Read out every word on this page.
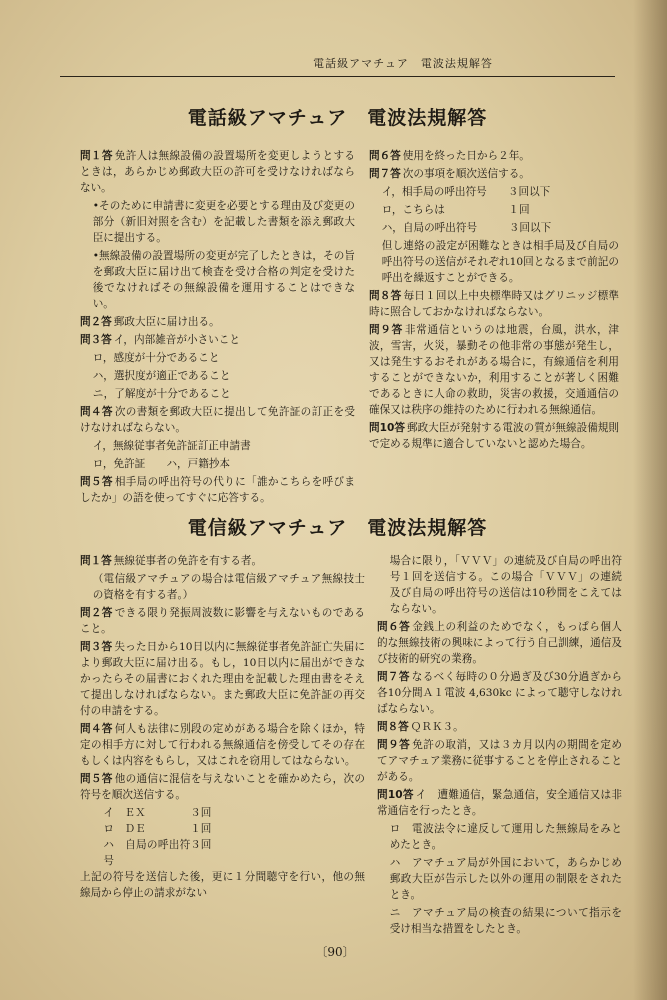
電話級アマチュア　電波法規解答
電話級アマチュア　電波法規解答

問１答 免許人は無線設備の設置場所を変更しようとするときは，あらかじめ郵政大臣の許可を受けなければならない。

•そのために申請書に変更を必要とする理由及び変更の部分（新旧対照を含む）を記載した書類を添え郵政大臣に提出する。

•無線設備の設置場所の変更が完了したときは，その旨を郵政大臣に届け出て検査を受け合格の判定を受けた後でなければその無線設備を運用することはできない。

問２答 郵政大臣に届け出る。

問３答 イ，内部雑音が小さいこと

ロ，感度が十分であること

ハ，選択度が適正であること

ニ，了解度が十分であること

問４答 次の書類を郵政大臣に提出して免許証の訂正を受けなければならない。

イ，無線従事者免許証訂正申請書

ロ，免許証　　ハ，戸籍抄本

問５答 相手局の呼出符号の代りに「誰かこちらを呼びましたか」の語を使ってすぐに応答する。

問６答 使用を終った日から２年。

問７答 次の事項を順次送信する。

イ，相手局の呼出符号　　３回以下

ロ，こちらは　　　　　　１回

ハ，自局の呼出符号　　　３回以下

但し連絡の設定が困難なときは相手局及び自局の呼出符号の送信がそれぞれ10回となるまで前記の呼出を繰返すことができる。

問８答 毎日１回以上中央標準時又はグリニッジ標準時に照合しておかなければならない。

問９答 非常通信というのは地震，台風，洪水，津波，雪害，火災，暴動その他非常の事態が発生し，又は発生するおそれがある場合に，有線通信を利用することができないか，利用することが著しく困難であるときに人命の救助，災害の救援，交通通信の確保又は秩序の維持のために行われる無線通信。

問10答 郵政大臣が発射する電波の質が無線設備規則で定める規準に適合していないと認めた場合。

電信級アマチュア　電波法規解答

問１答 無線従事者の免許を有する者。

（電信級アマチュアの場合は電信級アマチュア無線技士の資格を有する者。）

問２答 できる限り発振周波数に影響を与えないものであること。

問３答 失った日から10日以内に無線従事者免許証亡失届により郵政大臣に届け出る。もし，10日以内に届出ができなかったらその届書におくれた理由を記載した理由書をそえて提出しなければならない。また郵政大臣に免許証の再交付の申請をする。

問４答 何人も法律に別段の定めがある場合を除くほか，特定の相手方に対して行われる無線通信を傍受してその存在もしくは内容をもらし，又はこれを窃用してはならない。

問５答 他の通信に混信を与えないことを確かめたら，次の符号を順次送信する。

イ　ＥＸ	３回
ロ　ＤＥ	１回
ハ　自局の呼出符号
３回

上記の符号を送信した後，更に１分間聴守を行い，他の無線局から停止の請求がない

場合に限り，「ＶＶＶ」の連続及び自局の呼出符号１回を送信する。この場合「ＶＶＶ」の連続及び自局の呼出符号の送信は10秒間をこえてはならない。

問６答 金銭上の利益のためでなく，もっぱら個人的な無線技術の興味によって行う自己訓練，通信及び技術的研究の業務。

問７答 なるべく毎時の０分過ぎ及び30分過ぎから各10分間Ａ１電波 4,630kc によって聴守しなければならない。

問８答 ＱＲＫ３。

問９答 免許の取消，又は３カ月以内の期間を定めてアマチュア業務に従事することを停止されることがある。

問10答 イ　遭難通信，緊急通信，安全通信又は非常通信を行ったとき。

ロ　電波法令に違反して運用した無線局をみとめたとき。

ハ　アマチュア局が外国において，あらかじめ郵政大臣が告示した以外の運用の制限をされたとき。

ニ　アマチュア局の検査の結果について指示を受け相当な措置をしたとき。

〔90〕
